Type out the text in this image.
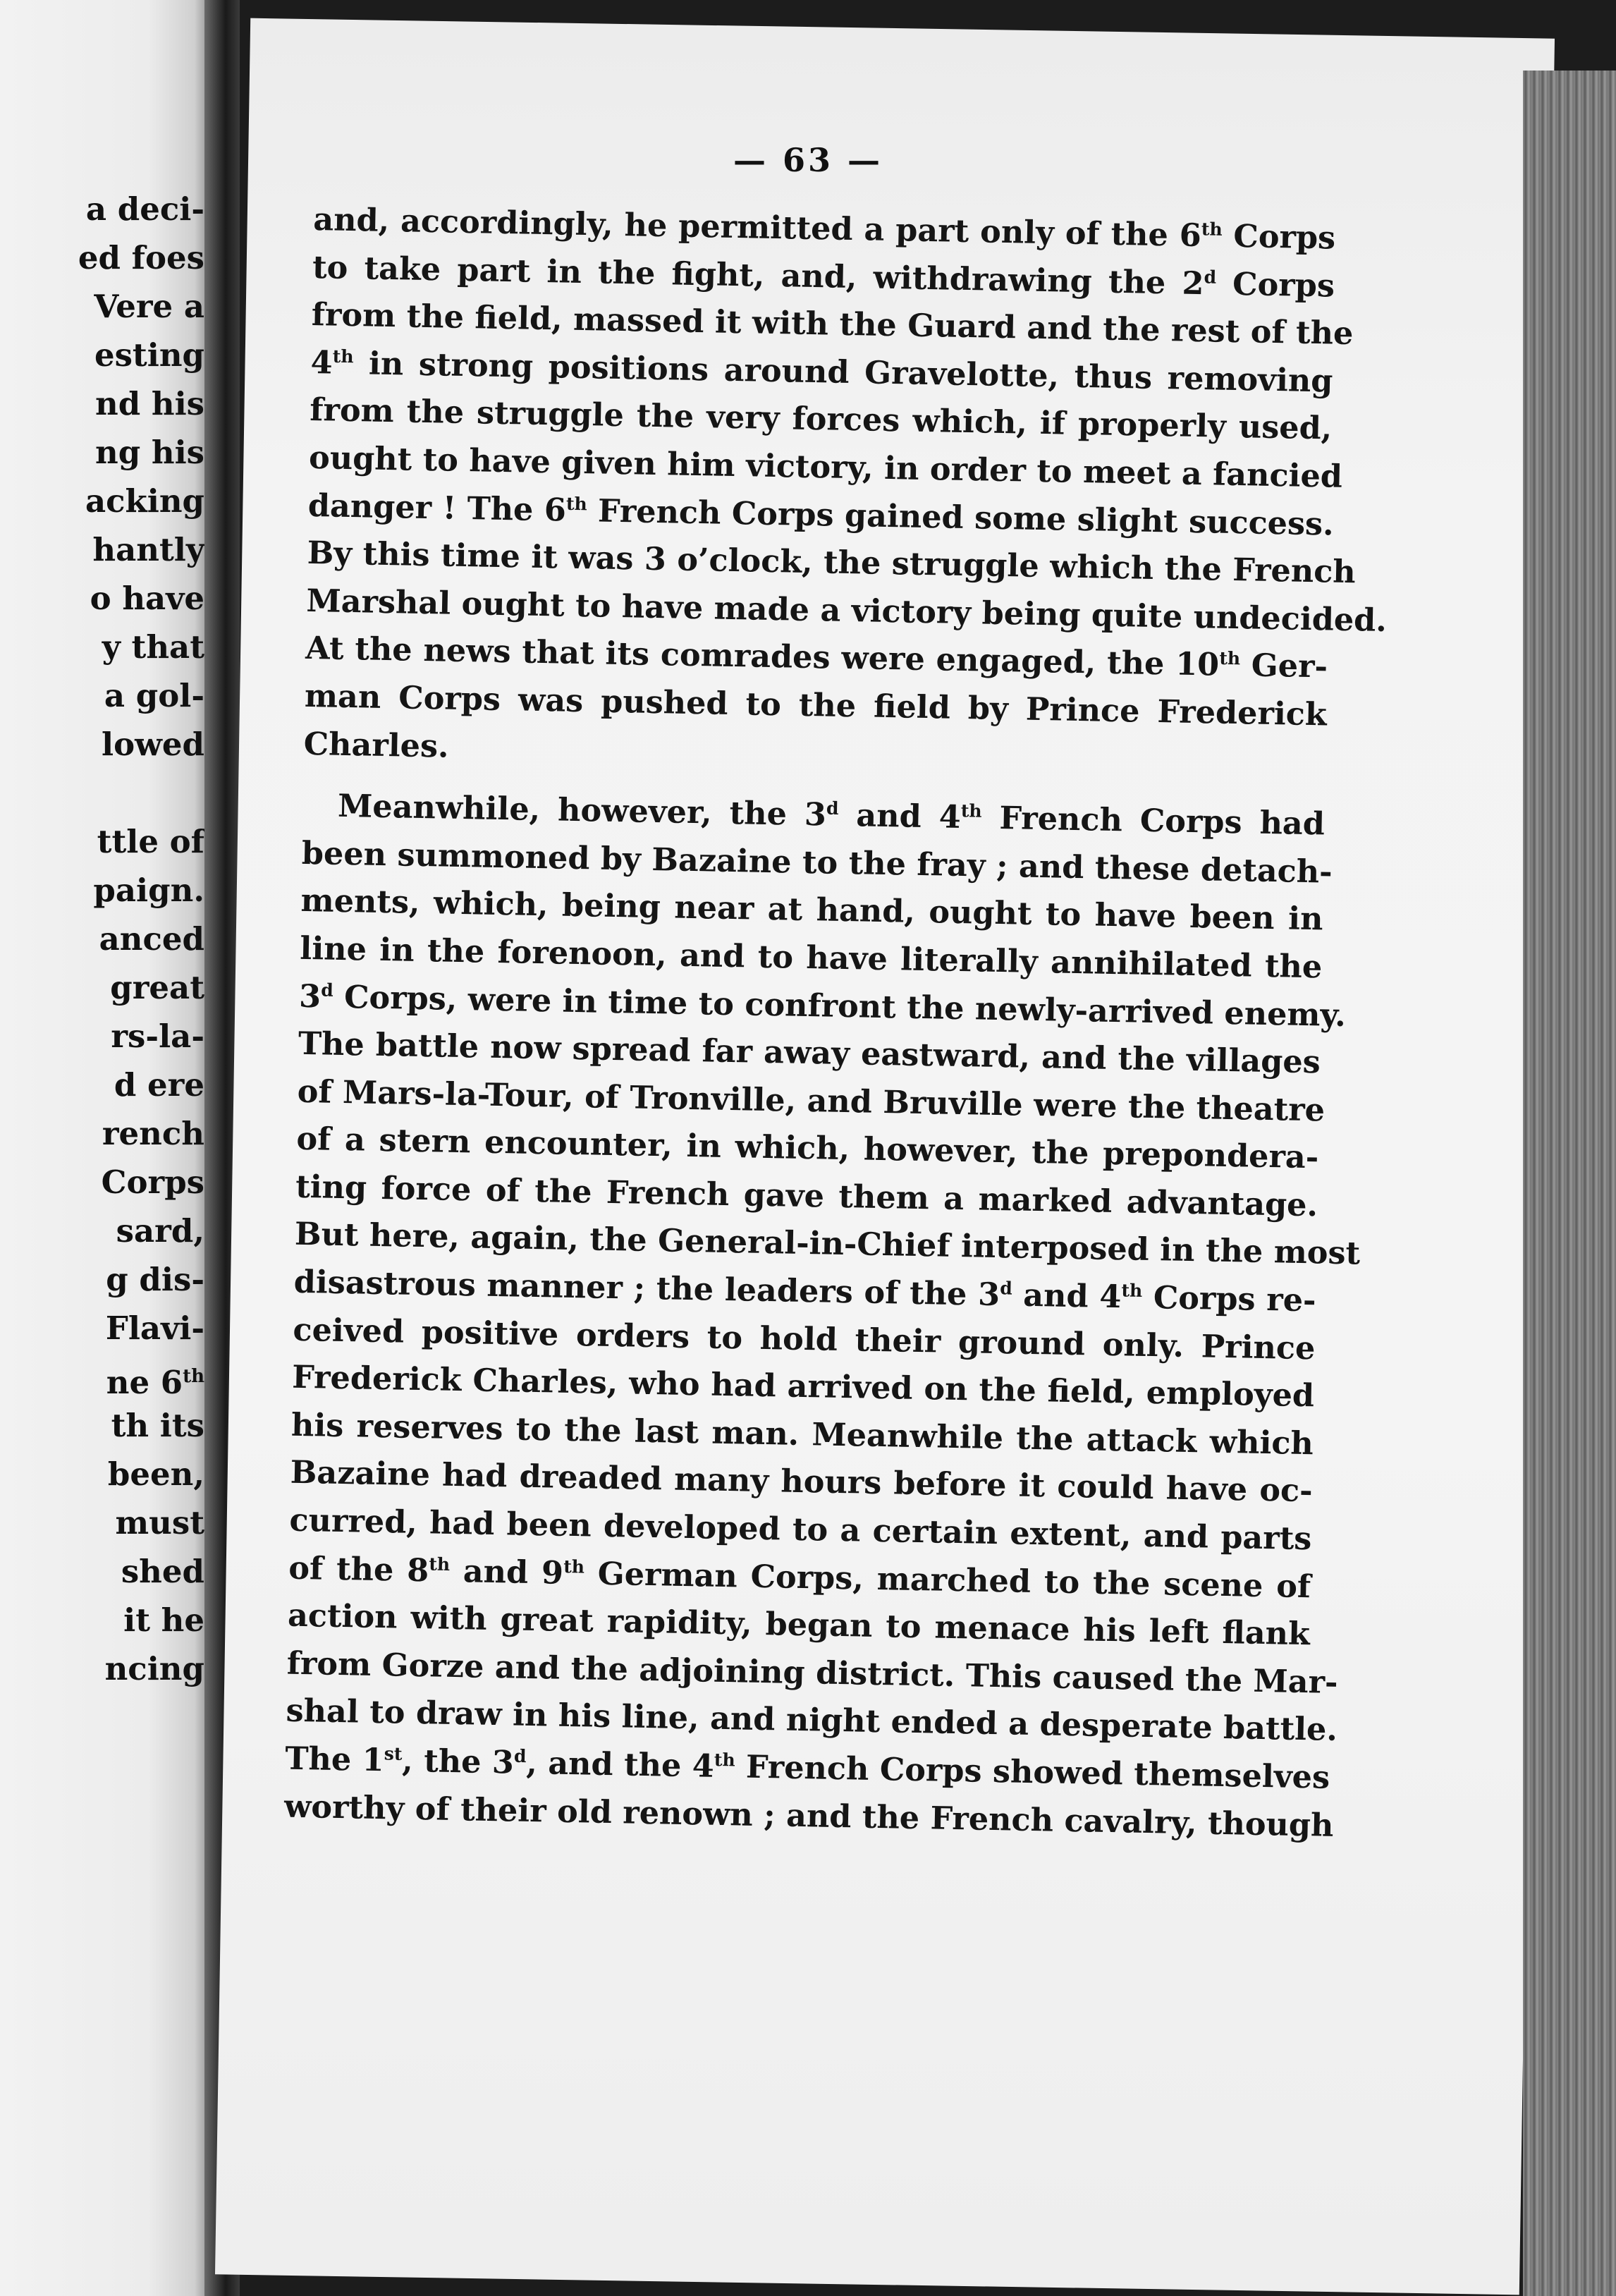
a deci-
ed foes
Vere a
esting
nd his
ng his
acking
hantly
o have
y that
a gol-
lowed

ttle of
paign.
anced
great
rs-la-
d ere
rench
Corps
sard,
g dis-
Flavi-
ne 6th
th its
been,
must
shed
it he
ncing
— 63 —
and, accordingly, he permitted a part only of the 6th Corps
to take part in the fight, and, withdrawing the 2$^d$ Corps
from the field, massed it with the Guard and the rest of the
4th in strong positions around Gravelotte, thus removing
from the struggle the very forces which, if properly used,
ought to have given him victory, in order to meet a fancied
danger ! The 6th French Corps gained some slight success.
By this time it was 3 o’clock, the struggle which the French
Marshal ought to have made a victory being quite undecided.
At the news that its comrades were engaged, the 10th Ger-
man Corps was pushed to the field by Prince Frederick
Charles.
Meanwhile, however, the 3$^d$ and 4th French Corps had
been summoned by Bazaine to the fray ; and these detach-
ments, which, being near at hand, ought to have been in
line in the forenoon, and to have literally annihilated the
3$^d$ Corps, were in time to confront the newly-arrived enemy.
The battle now spread far away eastward, and the villages
of Mars-la-Tour, of Tronville, and Bruville were the theatre
of a stern encounter, in which, however, the prepondera-
ting force of the French gave them a marked advantage.
But here, again, the General-in-Chief interposed in the most
disastrous manner ; the leaders of the 3$^d$ and 4th Corps re-
ceived positive orders to hold their ground only. Prince
Frederick Charles, who had arrived on the field, employed
his reserves to the last man. Meanwhile the attack which
Bazaine had dreaded many hours before it could have oc-
curred, had been developed to a certain extent, and parts
of the 8th and 9th German Corps, marched to the scene of
action with great rapidity, began to menace his left flank
from Gorze and the adjoining district. This caused the Mar-
shal to draw in his line, and night ended a desperate battle.
The 1st, the 3$^d$, and the 4th French Corps showed themselves
worthy of their old renown ; and the French cavalry, though
